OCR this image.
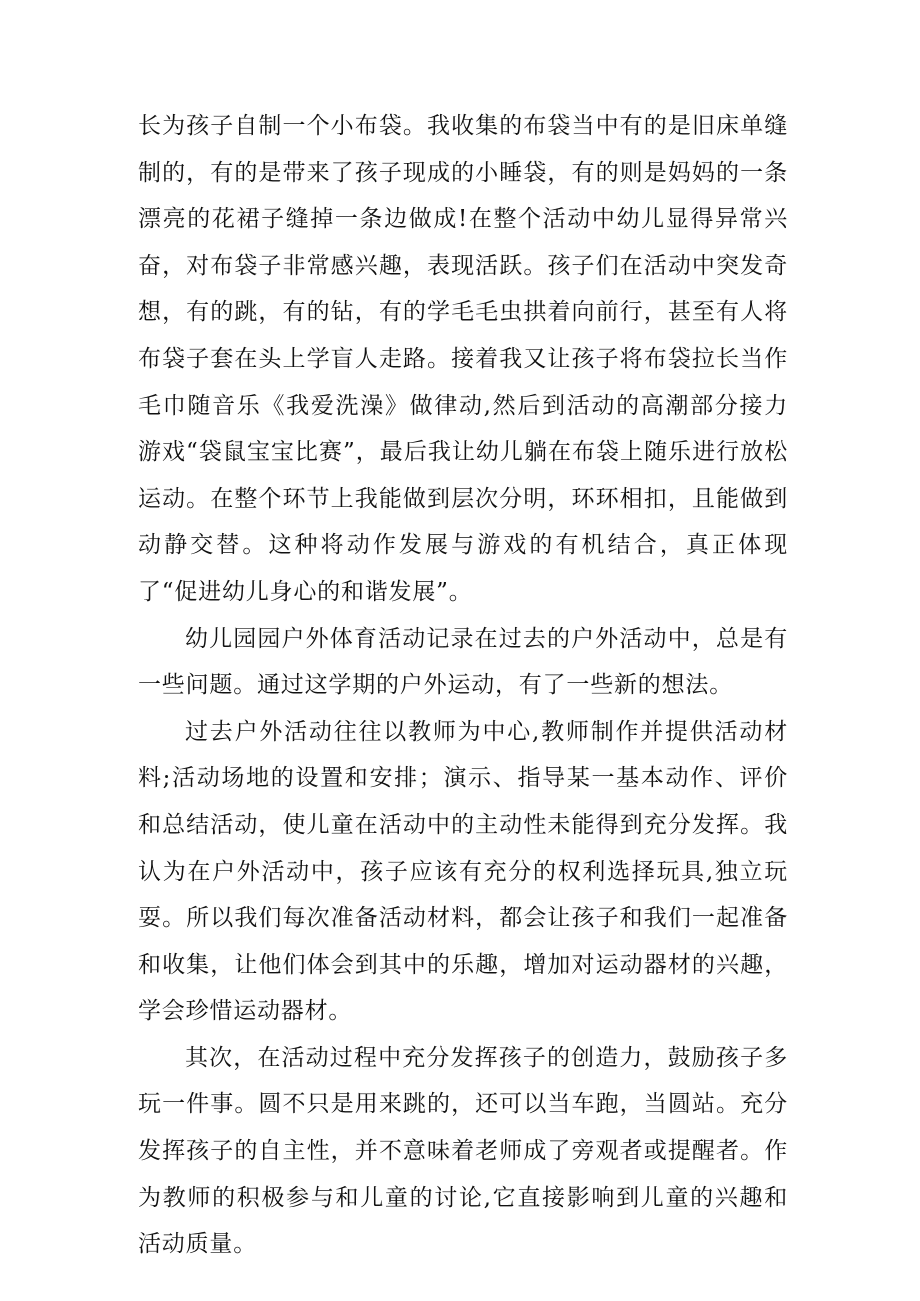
长为孩子自制一个小布袋。我收集的布袋当中有的是旧床单缝制的，有的是带来了孩子现成的小睡袋，有的则是妈妈的一条漂亮的花裙子缝掉一条边做成!在整个活动中幼儿显得异常兴奋，对布袋子非常感兴趣，表现活跃。孩子们在活动中突发奇想，有的跳，有的钻，有的学毛毛虫拱着向前行，甚至有人将布袋子套在头上学盲人走路。接着我又让孩子将布袋拉长当作毛巾随音乐《我爱洗澡》做律动,然后到活动的高潮部分接力游戏“袋鼠宝宝比赛”，最后我让幼儿躺在布袋上随乐进行放松运动。在整个环节上我能做到层次分明，环环相扣，且能做到动静交替。这种将动作发展与游戏的有机结合，真正体现了“促进幼儿身心的和谐发展”。

幼儿园园户外体育活动记录在过去的户外活动中，总是有一些问题。通过这学期的户外运动，有了一些新的想法。

过去户外活动往往以教师为中心,教师制作并提供活动材料;活动场地的设置和安排；演示、指导某一基本动作、评价和总结活动，使儿童在活动中的主动性未能得到充分发挥。我认为在户外活动中，孩子应该有充分的权利选择玩具,独立玩耍。所以我们每次准备活动材料，都会让孩子和我们一起准备和收集，让他们体会到其中的乐趣，增加对运动器材的兴趣，学会珍惜运动器材。

其次，在活动过程中充分发挥孩子的创造力，鼓励孩子多玩一件事。圆不只是用来跳的，还可以当车跑，当圆站。充分发挥孩子的自主性，并不意味着老师成了旁观者或提醒者。作为教师的积极参与和儿童的讨论,它直接影响到儿童的兴趣和活动质量。
